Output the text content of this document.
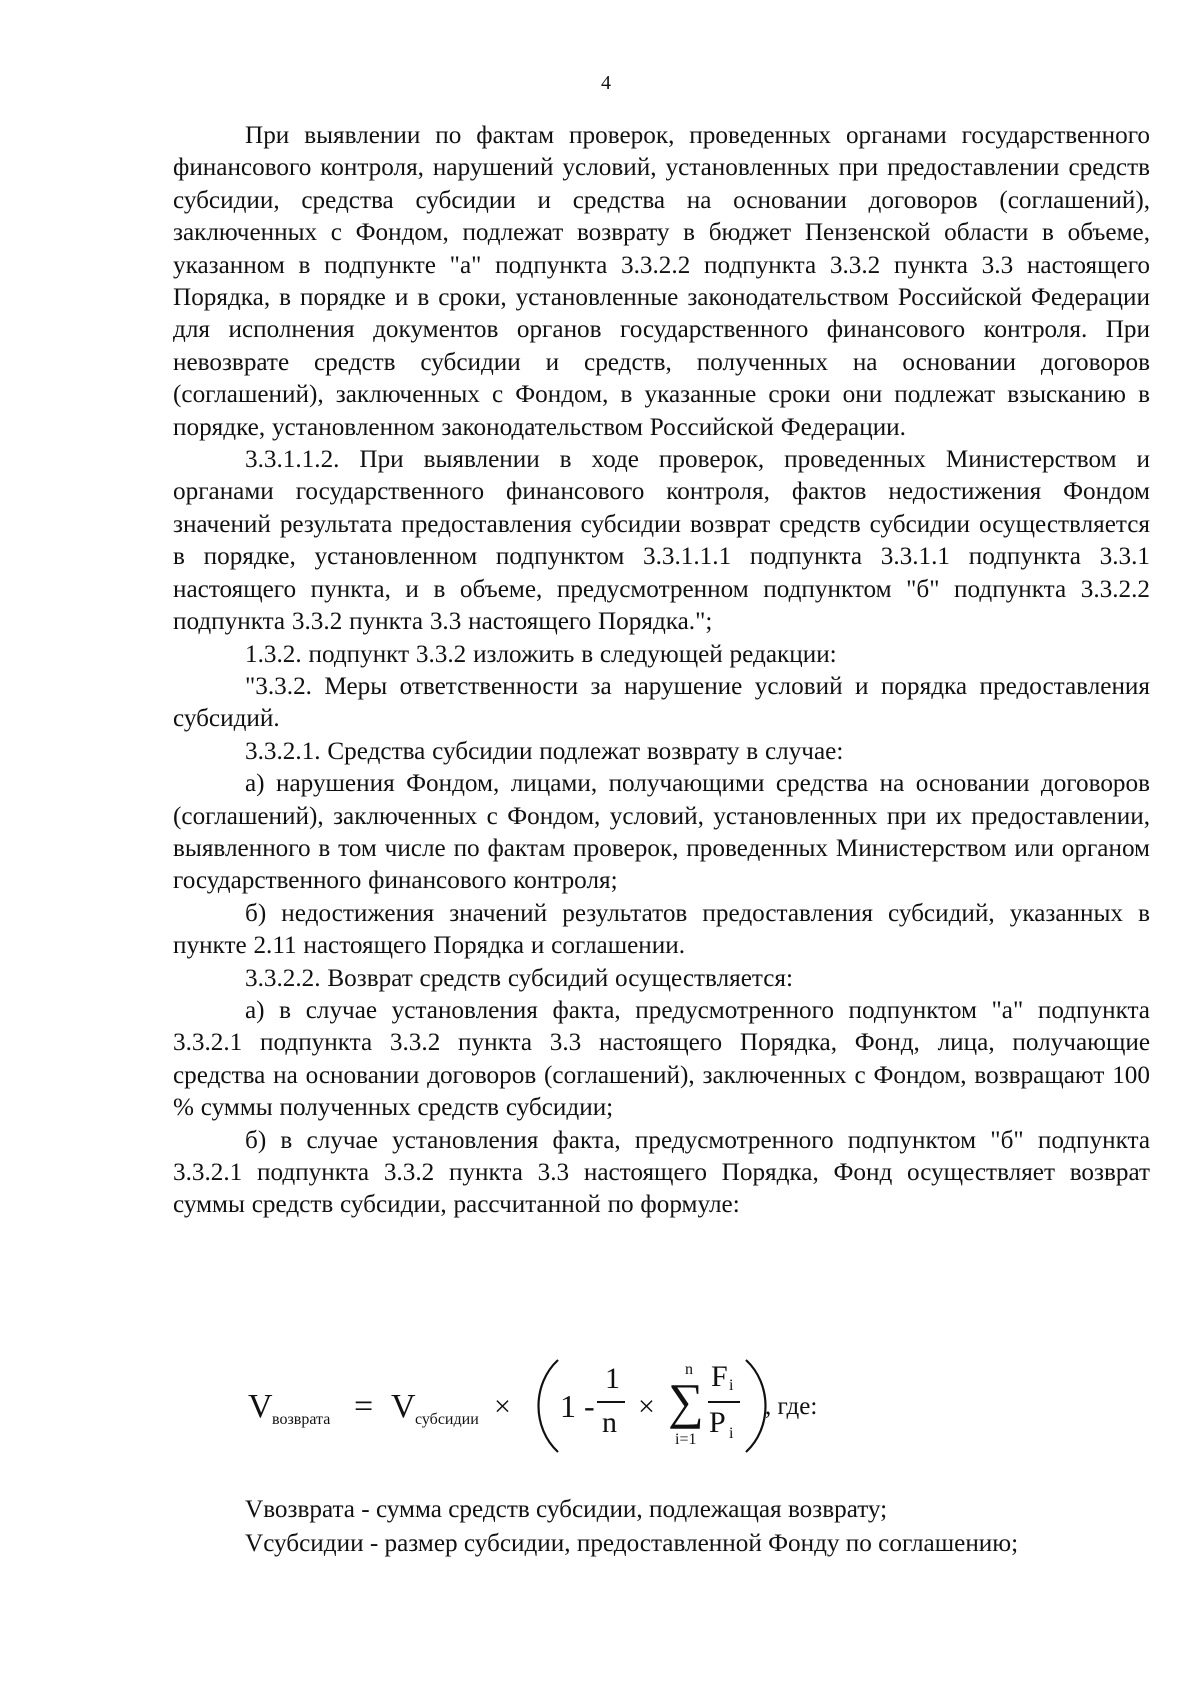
4

При выявлении по фактам проверок, проведенных органами государственного финансового контроля, нарушений условий, установленных при предоставлении средств субсидии, средства субсидии и средства на основании договоров (соглашений), заключенных с Фондом, подлежат возврату в бюджет Пензенской области в объеме, указанном в подпункте "а" подпункта 3.3.2.2 подпункта 3.3.2 пункта 3.3 настоящего Порядка, в порядке и в сроки, установленные законодательством Российской Федерации для исполнения документов органов государственного финансового контроля. При невозврате средств субсидии и средств, полученных на основании договоров (соглашений), заключенных с Фондом, в указанные сроки они подлежат взысканию в порядке, установленном законодательством Российской Федерации.

3.3.1.1.2. При выявлении в ходе проверок, проведенных Министерством и органами государственного финансового контроля, фактов недостижения Фондом значений результата предоставления субсидии возврат средств субсидии осуществляется в порядке, установленном подпунктом 3.3.1.1.1 подпункта 3.3.1.1 подпункта 3.3.1 настоящего пункта, и в объеме, предусмотренном подпунктом "б" подпункта 3.3.2.2 подпункта 3.3.2 пункта 3.3 настоящего Порядка.";

1.3.2. подпункт 3.3.2 изложить в следующей редакции:

"3.3.2. Меры ответственности за нарушение условий и порядка предоставления субсидий.

3.3.2.1. Средства субсидии подлежат возврату в случае:

а) нарушения Фондом, лицами, получающими средства на основании договоров (соглашений), заключенных с Фондом, условий, установленных при их предоставлении, выявленного в том числе по фактам проверок, проведенных Министерством или органом государственного финансового контроля;

б) недостижения значений результатов предоставления субсидий, указанных в пункте 2.11 настоящего Порядка и соглашении.

3.3.2.2. Возврат средств субсидий осуществляется:

а) в случае установления факта, предусмотренного подпунктом "а" подпункта 3.3.2.1 подпункта 3.3.2 пункта 3.3 настоящего Порядка, Фонд, лица, получающие средства на основании договоров (соглашений), заключенных с Фондом, возвращают 100 % суммы полученных средств субсидии;

б) в случае установления факта, предусмотренного подпунктом "б" подпункта 3.3.2.1 подпункта 3.3.2 пункта 3.3 настоящего Порядка, Фонд осуществляет возврат суммы средств субсидии, рассчитанной по формуле:

V возврата = V субсидии × 1 -
1
n ×
n
∑
i=1
F i
P i
, где:
Vвозврата - сумма средств субсидии, подлежащая возврату;
Vсубсидии - размер субсидии, предоставленной Фонду по соглашению;
